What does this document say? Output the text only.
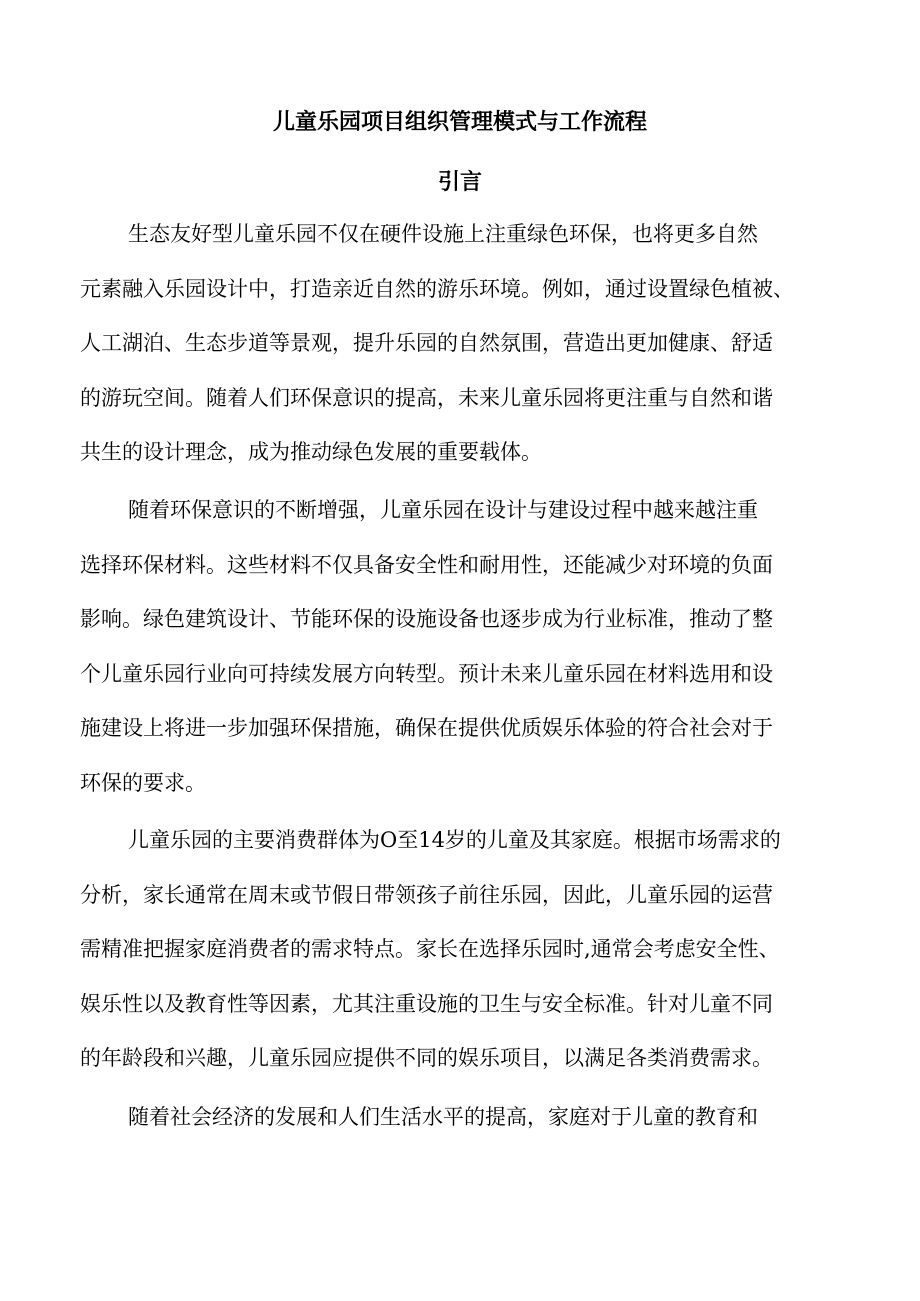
儿童乐园项目组织管理模式与工作流程
引言

生态友好型儿童乐园不仅在硬件设施上注重绿色环保，也将更多自然
元素融入乐园设计中，打造亲近自然的游乐环境。例如，通过设置绿色植被、
人工湖泊、生态步道等景观，提升乐园的自然氛围，营造出更加健康、舒适
的游玩空间。随着人们环保意识的提高，未来儿童乐园将更注重与自然和谐
共生的设计理念，成为推动绿色发展的重要载体。

随着环保意识的不断增强，儿童乐园在设计与建设过程中越来越注重
选择环保材料。这些材料不仅具备安全性和耐用性，还能减少对环境的负面
影响。绿色建筑设计、节能环保的设施设备也逐步成为行业标准，推动了整
个儿童乐园行业向可持续发展方向转型。预计未来儿童乐园在材料选用和设
施建设上将进一步加强环保措施，确保在提供优质娱乐体验的符合社会对于
环保的要求。

儿童乐园的主要消费群体为O至14岁的儿童及其家庭。根据市场需求的
分析，家长通常在周末或节假日带领孩子前往乐园，因此，儿童乐园的运营
需精准把握家庭消费者的需求特点。家长在选择乐园时,通常会考虑安全性、
娱乐性以及教育性等因素，尤其注重设施的卫生与安全标准。针对儿童不同
的年龄段和兴趣，儿童乐园应提供不同的娱乐项目，以满足各类消费需求。

随着社会经济的发展和人们生活水平的提高，家庭对于儿童的教育和
